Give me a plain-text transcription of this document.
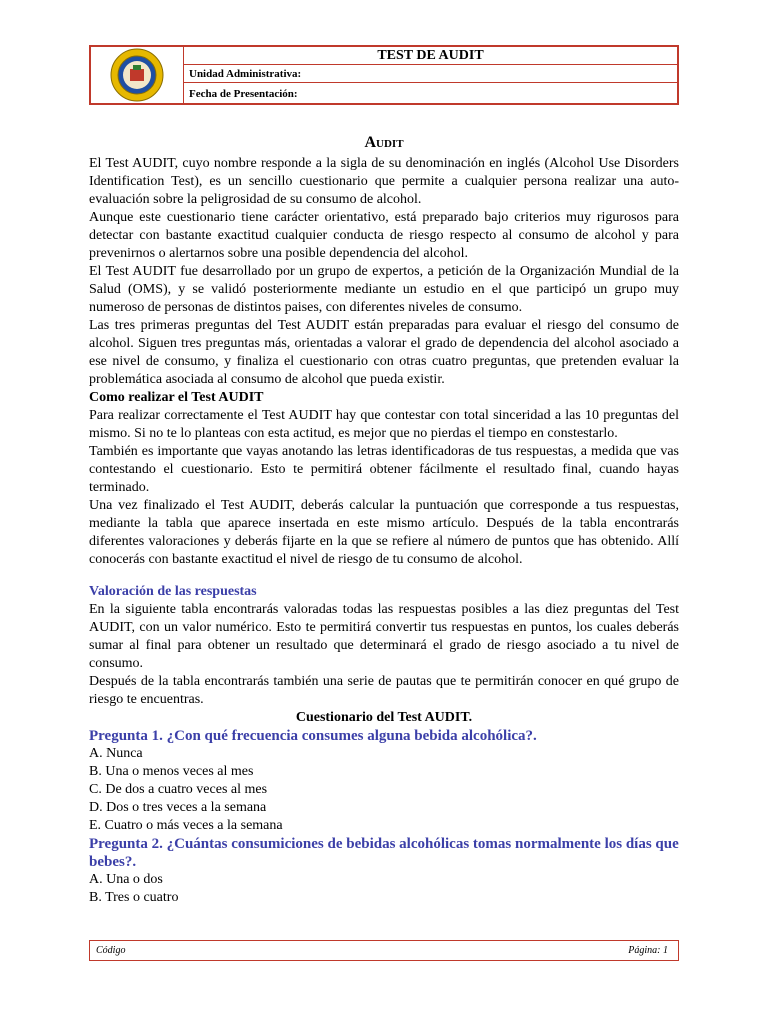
TEST DE AUDIT
Unidad Administrativa:
Fecha de Presentación:
Audit

El Test AUDIT, cuyo nombre responde a la sigla de su denominación en inglés (Alcohol Use Disorders Identification Test), es un sencillo cuestionario que permite a cualquier persona realizar una auto-evaluación sobre la peligrosidad de su consumo de alcohol.

Aunque este cuestionario tiene carácter orientativo, está preparado bajo criterios muy rigurosos para detectar con bastante exactitud cualquier conducta de riesgo respecto al consumo de alcohol y para prevenirnos o alertarnos sobre una posible dependencia del alcohol.

El Test AUDIT fue desarrollado por un grupo de expertos, a petición de la Organización Mundial de la Salud (OMS), y se validó posteriormente mediante un estudio en el que participó un grupo muy numeroso de personas de distintos paises, con diferentes niveles de consumo.

Las tres primeras preguntas del Test AUDIT están preparadas para evaluar el riesgo del consumo de alcohol. Siguen tres preguntas más, orientadas a valorar el grado de dependencia del alcohol asociado a ese nivel de consumo, y finaliza el cuestionario con otras cuatro preguntas, que pretenden evaluar la problemática asociada al consumo de alcohol que pueda existir.

Como realizar el Test AUDIT

Para realizar correctamente el Test AUDIT hay que contestar con total sinceridad a las 10 preguntas del mismo. Si no te lo planteas con esta actitud, es mejor que no pierdas el tiempo en constestarlo.

También es importante que vayas anotando las letras identificadoras de tus respuestas, a medida que vas contestando el cuestionario. Esto te permitirá obtener fácilmente el resultado final, cuando hayas terminado.

Una vez finalizado el Test AUDIT, deberás calcular la puntuación que corresponde a tus respuestas, mediante la tabla que aparece insertada en este mismo artículo. Después de la tabla encontrarás diferentes valoraciones y deberás fijarte en la que se refiere al número de puntos que has obtenido. Allí conocerás con bastante exactitud el nivel de riesgo de tu consumo de alcohol.

Valoración de las respuestas

En la siguiente tabla encontrarás valoradas todas las respuestas posibles a las diez preguntas del Test AUDIT, con un valor numérico. Esto te permitirá convertir tus respuestas en puntos, los cuales deberás sumar al final para obtener un resultado que determinará el grado de riesgo asociado a tu nivel de consumo.

Después de la tabla encontrarás también una serie de pautas que te permitirán conocer en qué grupo de riesgo te encuentras.

Cuestionario del Test AUDIT.

Pregunta 1. ¿Con qué frecuencia consumes alguna bebida alcohólica?.

A. Nunca

B. Una o menos veces al mes

C. De dos a cuatro veces al mes

D. Dos o tres veces a la semana

E. Cuatro o más veces a la semana

Pregunta 2. ¿Cuántas consumiciones de bebidas alcohólicas tomas normalmente los días que bebes?.

A. Una o dos

B. Tres o cuatro

Código	Página: 1
